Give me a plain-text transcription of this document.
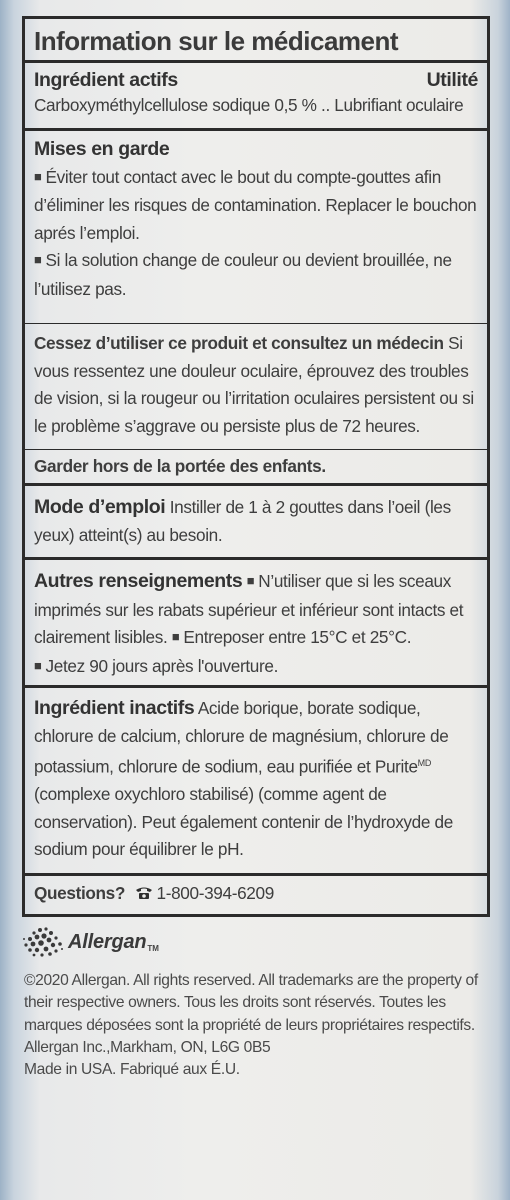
Information sur le médicament
Ingrédient actifs	Utilité
Carboxyméthylcellulose sodique 0,5 % .. Lubrifiant oculaire
Mises en garde
■ Éviter tout contact avec le bout du compte-gouttes afin d’éliminer les risques de contamination. Replacer le bouchon aprés l’emploi.
■ Si la solution change de couleur ou devient brouillée, ne l’utilisez pas.
Cessez d’utiliser ce produit et consultez un médecin Si vous ressentez une douleur oculaire, éprouvez des troubles de vision, si la rougeur ou l’irritation oculaires persistent ou si le problème s’aggrave ou persiste plus de 72 heures.
Garder hors de la portée des enfants.
Mode d’emploi Instiller de 1 à 2 gouttes dans l’oeil (les yeux) atteint(s) au besoin.
Autres renseignements ■ N’utiliser que si les sceaux imprimés sur les rabats supérieur et inférieur sont intacts et clairement lisibles. ■ Entreposer entre 15°C et 25°C.
■ Jetez 90 jours après l'ouverture.
Ingrédient inactifs Acide borique, borate sodique, chlorure de calcium, chlorure de magnésium, chlorure de potassium, chlorure de sodium, eau purifiée et Purite$^{MD}$ (complexe oxychloro stabilisé) (comme agent de conservation). Peut également contenir de l’hydroxyde de sodium pour équilibrer le pH.
Questions? 1-800-394-6209
Allergan TM
©2020 Allergan. All rights reserved. All trademarks are the property of their respective owners. Tous les droits sont réservés. Toutes les marques déposées sont la propriété de leurs propriétaires respectifs.
Allergan Inc.,Markham, ON, L6G 0B5
Made in USA. Fabriqué aux É.U.
